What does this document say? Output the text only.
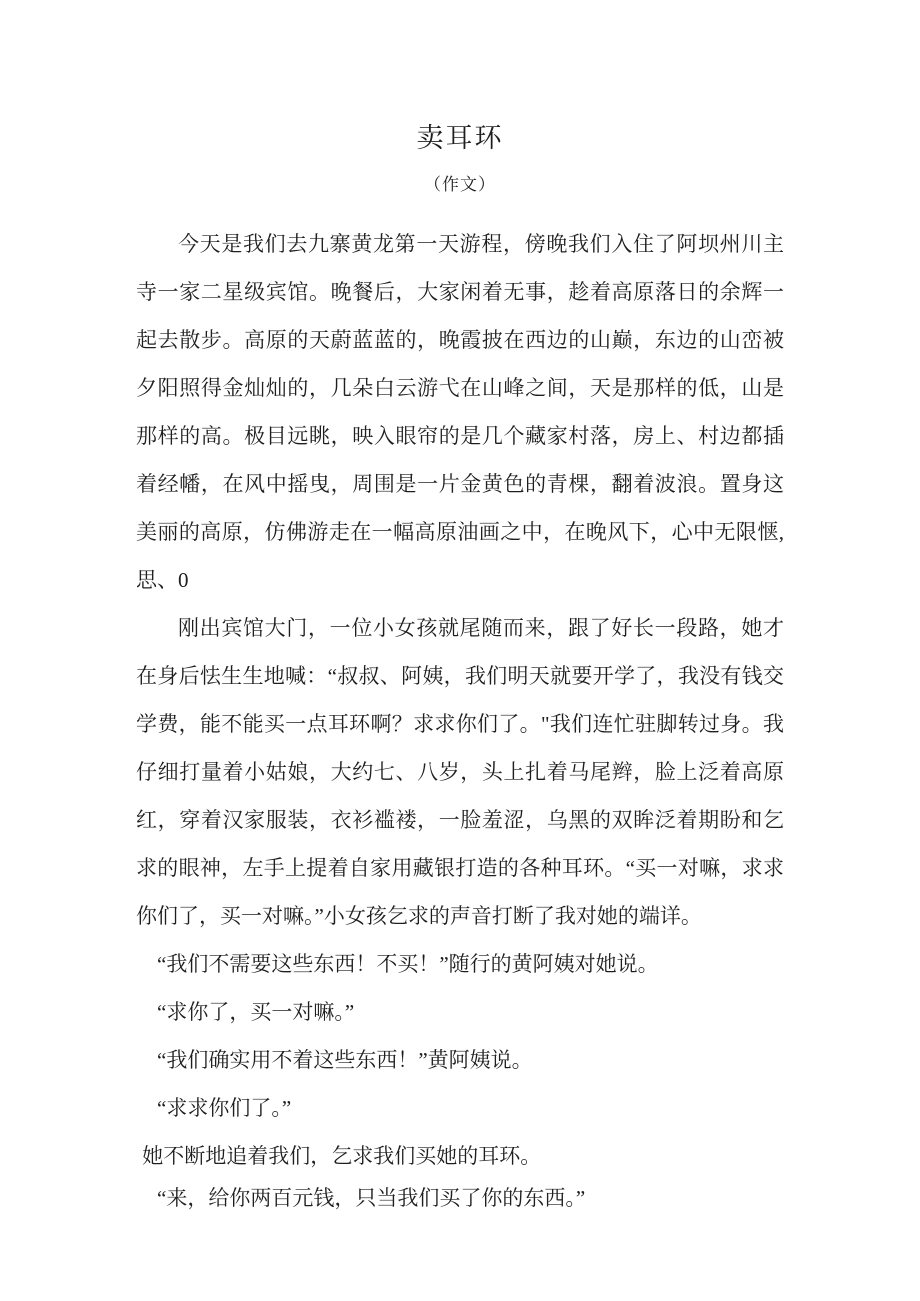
卖耳环
（作文）

今天是我们去九寨黄龙第一天游程，傍晚我们入住了阿坝州川主寺一家二星级宾馆。晚餐后，大家闲着无事，趁着高原落日的余辉一起去散步。高原的天蔚蓝蓝的，晚霞披在西边的山巅，东边的山峦被夕阳照得金灿灿的，几朵白云游弋在山峰之间，天是那样的低，山是那样的高。极目远眺，映入眼帘的是几个藏家村落，房上、村边都插着经幡，在风中摇曳，周围是一片金黄色的青棵，翻着波浪。置身这美丽的高原，仿佛游走在一幅高原油画之中，在晚风下，心中无限惬,思、0

刚出宾馆大门，一位小女孩就尾随而来，跟了好长一段路，她才在身后怯生生地喊：“叔叔、阿姨，我们明天就要开学了，我没有钱交学费，能不能买一点耳环啊？求求你们了。"我们连忙驻脚转过身。我仔细打量着小姑娘，大约七、八岁，头上扎着马尾辫，脸上泛着高原红，穿着汉家服装，衣衫褴褛，一脸羞涩，乌黑的双眸泛着期盼和乞求的眼神，左手上提着自家用藏银打造的各种耳环。“买一对嘛，求求你们了，买一对嘛。”小女孩乞求的声音打断了我对她的端详。

“我们不需要这些东西！不买！”随行的黄阿姨对她说。

“求你了，买一对嘛。”

“我们确实用不着这些东西！”黄阿姨说。

“求求你们了。”

她不断地追着我们，乞求我们买她的耳环。

“来，给你两百元钱，只当我们买了你的东西。”
